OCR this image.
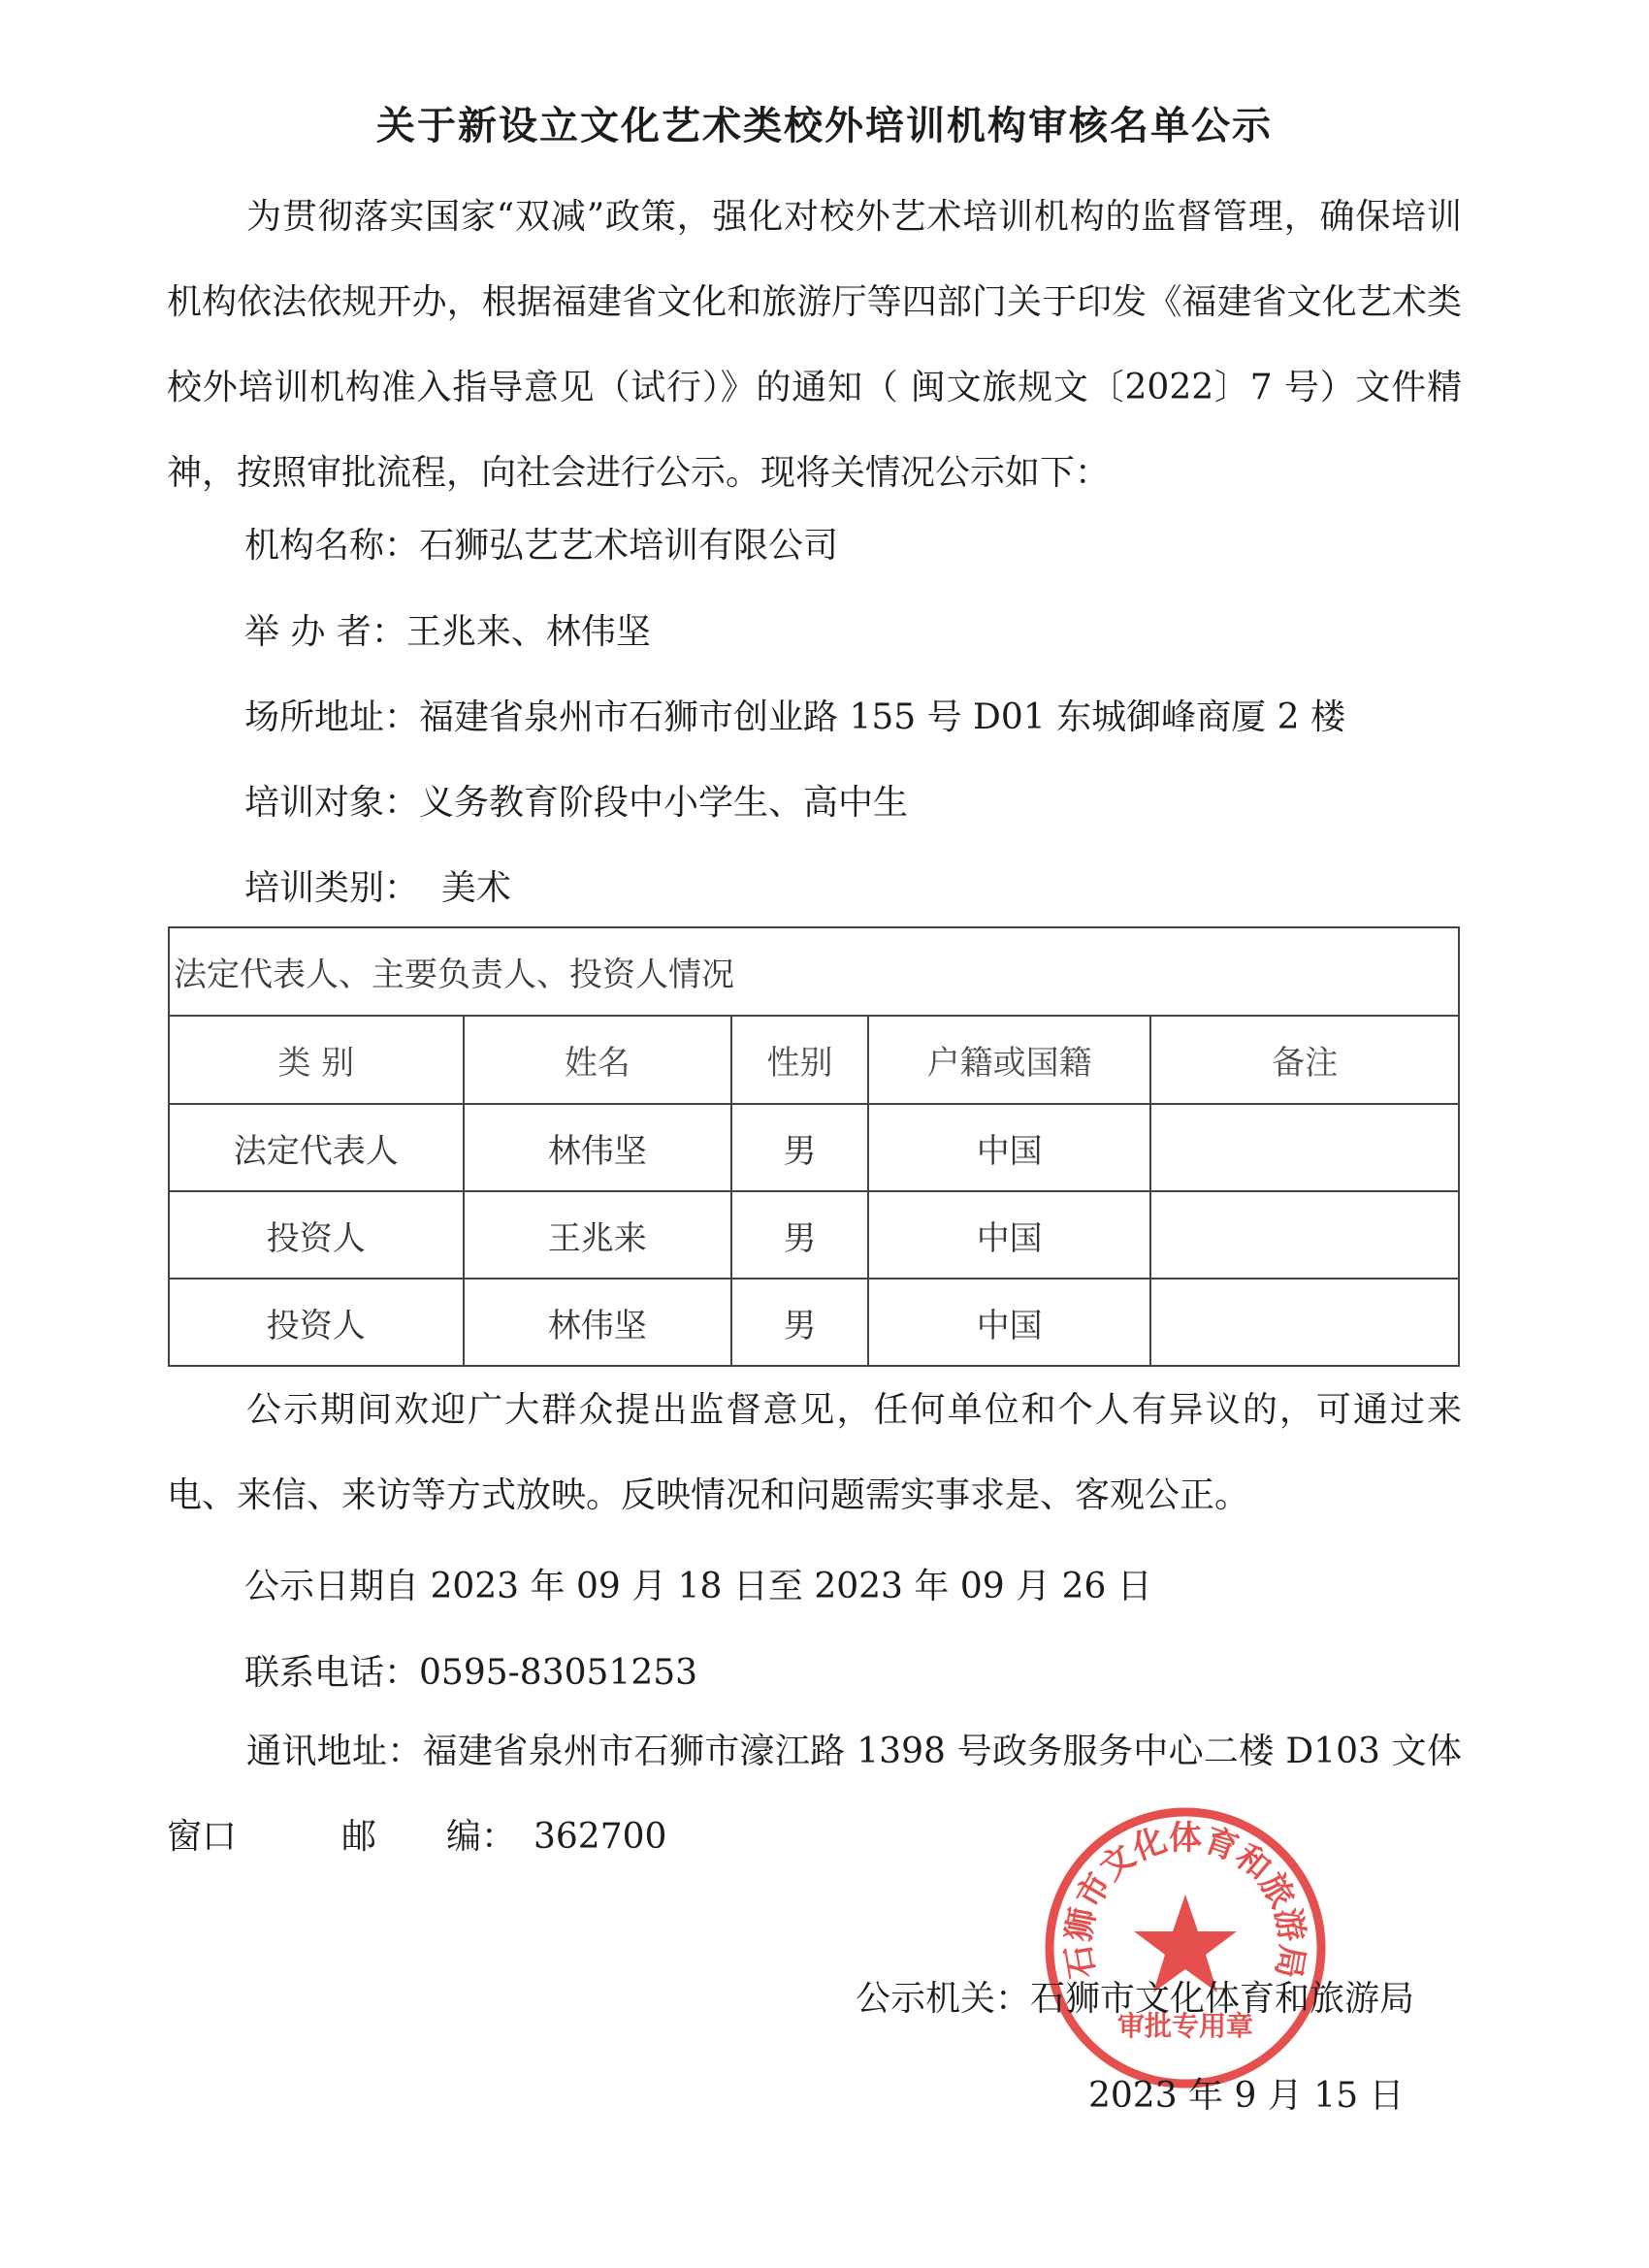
关于新设立文化艺术类校外培训机构审核名单公示

为贯彻落实国家“双减”政策，强化对校外艺术培训机构的监督管理，确保培训机构依法依规开办，根据福建省文化和旅游厅等四部门关于印发《福建省文化艺术类校外培训机构准入指导意见（试行）》的通知（ 闽文旅规文〔2022〕7 号）文件精神，按照审批流程，向社会进行公示。现将关情况公示如下：

机构名称：石狮弘艺艺术培训有限公司
举 办 者：王兆来、林伟坚
场所地址：福建省泉州市石狮市创业路 155 号 D01 东城御峰商厦 2 楼
培训对象：义务教育阶段中小学生、高中生
培训类别： 美术
法定代表人、主要负责人、投资人情况				
类 别	姓名	性别	户籍或国籍	备注
法定代表人	林伟坚	男	中国	
投资人	王兆来	男	中国	
投资人	林伟坚	男	中国	

公示期间欢迎广大群众提出监督意见，任何单位和个人有异议的，可通过来电、来信、来访等方式放映。反映情况和问题需实事求是、客观公正。

公示日期自 2023 年 09 月 18 日至 2023 年 09 月 26 日
联系电话：0595-83051253

通讯地址：福建省泉州市石狮市濠江路 1398 号政务服务中心二楼 D103 文体窗口　　　邮　　编：　362700

石狮市文化体育和旅游局
审批专用章
公示机关：石狮市文化体育和旅游局
2023 年 9 月 15 日
